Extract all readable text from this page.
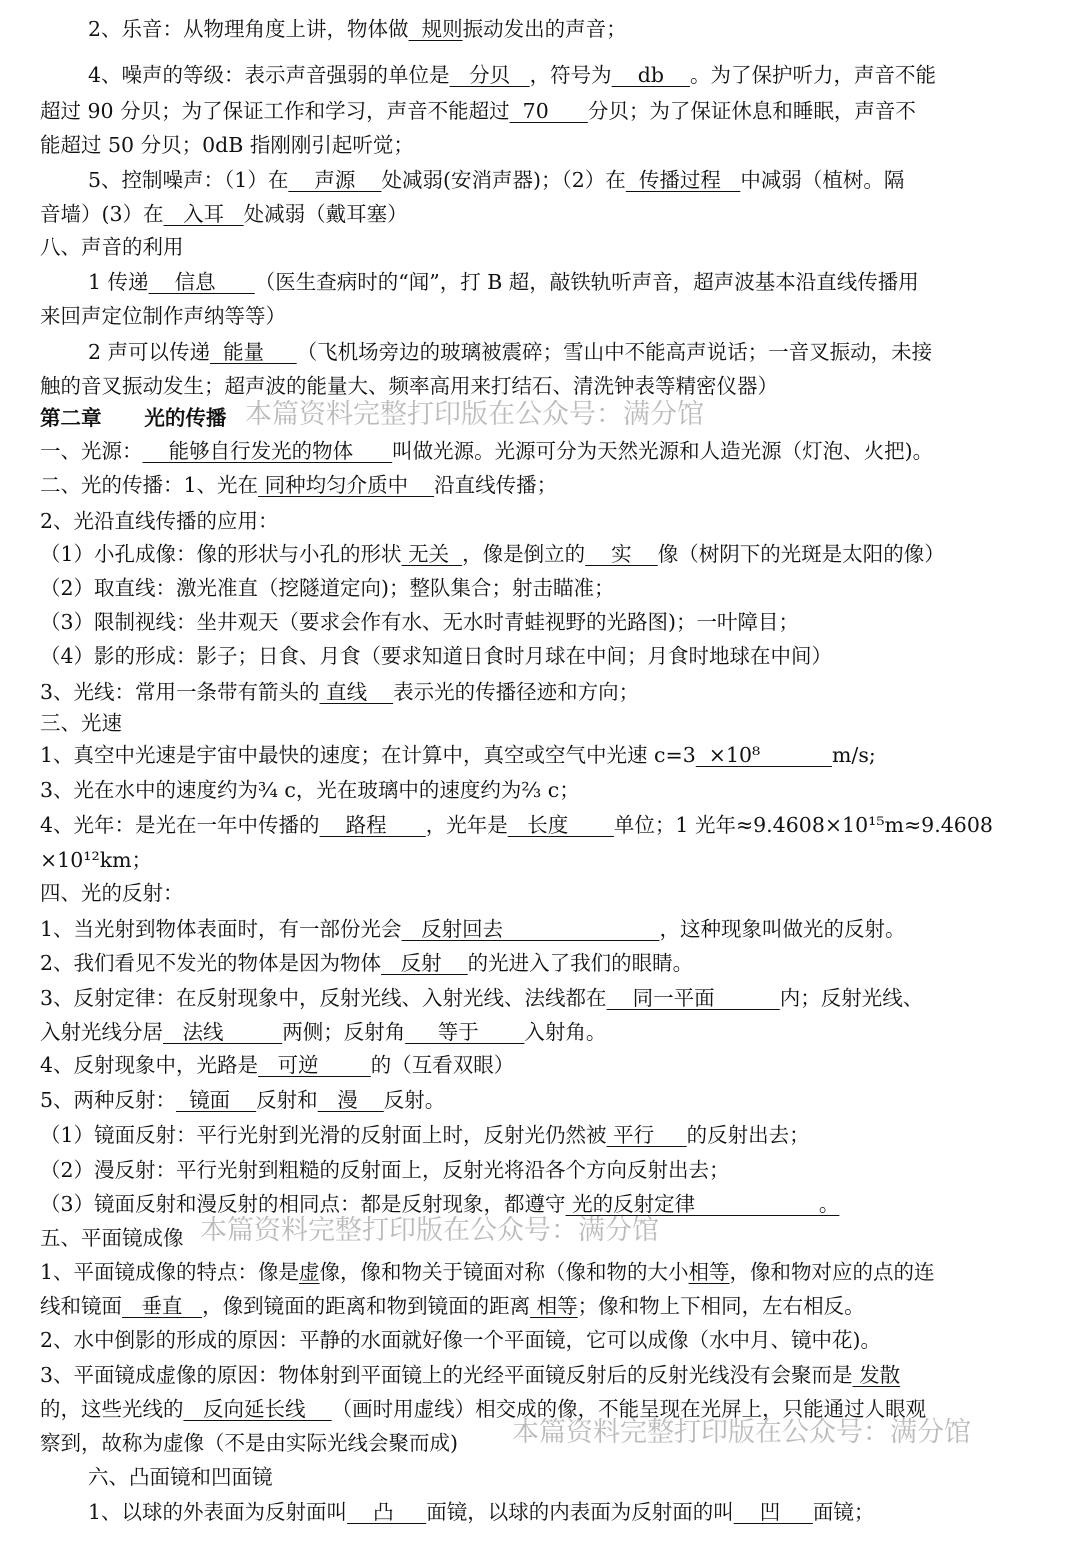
2、乐音：从物理角度上讲，物体做  规则振动发出的声音；
4、噪声的等级：表示声音强弱的单位是   分贝   ，符号为    db    。为了保护听力，声音不能
超过 90 分贝；为了保证工作和学习，声音不能超过  70      分贝；为了保证休息和睡眠，声音不
能超过 50 分贝；0dB 指刚刚引起听觉；
5、控制噪声：（1）在    声源    处减弱(安消声器)；（2）在  传播过程   中减弱（植树。隔
音墙）(3）在   入耳   处减弱（戴耳塞）
八、声音的利用
1 传递    信息      （医生查病时的“闻”，打 B 超，敲铁轨听声音，超声波基本沿直线传播用
来回声定位制作声纳等等）
2 声可以传递  能量     （飞机场旁边的玻璃被震碎；雪山中不能高声说话；一音叉振动，未接
触的音叉振动发生；超声波的能量大、频率高用来打结石、清洗钟表等精密仪器）
第二章      光的传播
一、光源：    能够自行发光的物体      叫做光源。光源可分为天然光源和人造光源（灯泡、火把)。
二、光的传播：1、光在 同种均匀介质中    沿直线传播；
2、光沿直线传播的应用：
（1）小孔成像：像的形状与小孔的形状 无关  ，像是倒立的    实    像（树阴下的光斑是太阳的像）
（2）取直线：激光准直（挖隧道定向)；整队集合；射击瞄准；
（3）限制视线：坐井观天（要求会作有水、无水时青蛙视野的光路图)；一叶障目；
（4）影的形成：影子；日食、月食（要求知道日食时月球在中间；月食时地球在中间）
3、光线：常用一条带有箭头的 直线    表示光的传播径迹和方向；
三、光速
1、真空中光速是宇宙中最快的速度；在计算中，真空或空气中光速 c=3  ×10⁸           m/s;
3、光在水中的速度约为¾ c，光在玻璃中的速度约为⅔ c；
4、光年：是光在一年中传播的    路程      ，光年是   长度       单位；1 光年≈9.4608×10¹⁵m≈9.4608
×10¹²km；
四、光的反射：
1、当光射到物体表面时，有一部份光会   反射回去                        ，这种现象叫做光的反射。
2、我们看见不发光的物体是因为物体   反射    的光进入了我们的眼睛。
3、反射定律：在反射现象中，反射光线、入射光线、法线都在    同一平面          内；反射光线、
入射光线分居   法线         两侧；反射角     等于       入射角。
4、反射现象中，光路是   可逆        的（互看双眼）
5、两种反射：  镜面    反射和   漫    反射。
（1）镜面反射：平行光射到光滑的反射面上时，反射光仍然被 平行     的反射出去；
（2）漫反射：平行光射到粗糙的反射面上，反射光将沿各个方向反射出去；
（3）镜面反射和漫反射的相同点：都是反射现象，都遵守 光的反射定律                   。
五、平面镜成像
1、平面镜成像的特点：像是虚像，像和物关于镜面对称（像和物的大小相等，像和物对应的点的连
线和镜面   垂直   ，像到镜面的距离和物到镜面的距离 相等；像和物上下相同，左右相反。
2、水中倒影的形成的原因：平静的水面就好像一个平面镜，它可以成像（水中月、镜中花)。
3、平面镜成虚像的原因：物体射到平面镜上的光经平面镜反射后的反射光线没有会聚而是 发散
的，这些光线的   反向延长线    （画时用虚线）相交成的像，不能呈现在光屏上，只能通过人眼观
察到，故称为虚像（不是由实际光线会聚而成)
六、凸面镜和凹面镜
1、以球的外表面为反射面叫    凸     面镜，以球的内表面为反射面的叫    凹     面镜；
本篇资料完整打印版在公众号：满分馆
本篇资料完整打印版在公众号：满分馆
本篇资料完整打印版在公众号：满分馆
